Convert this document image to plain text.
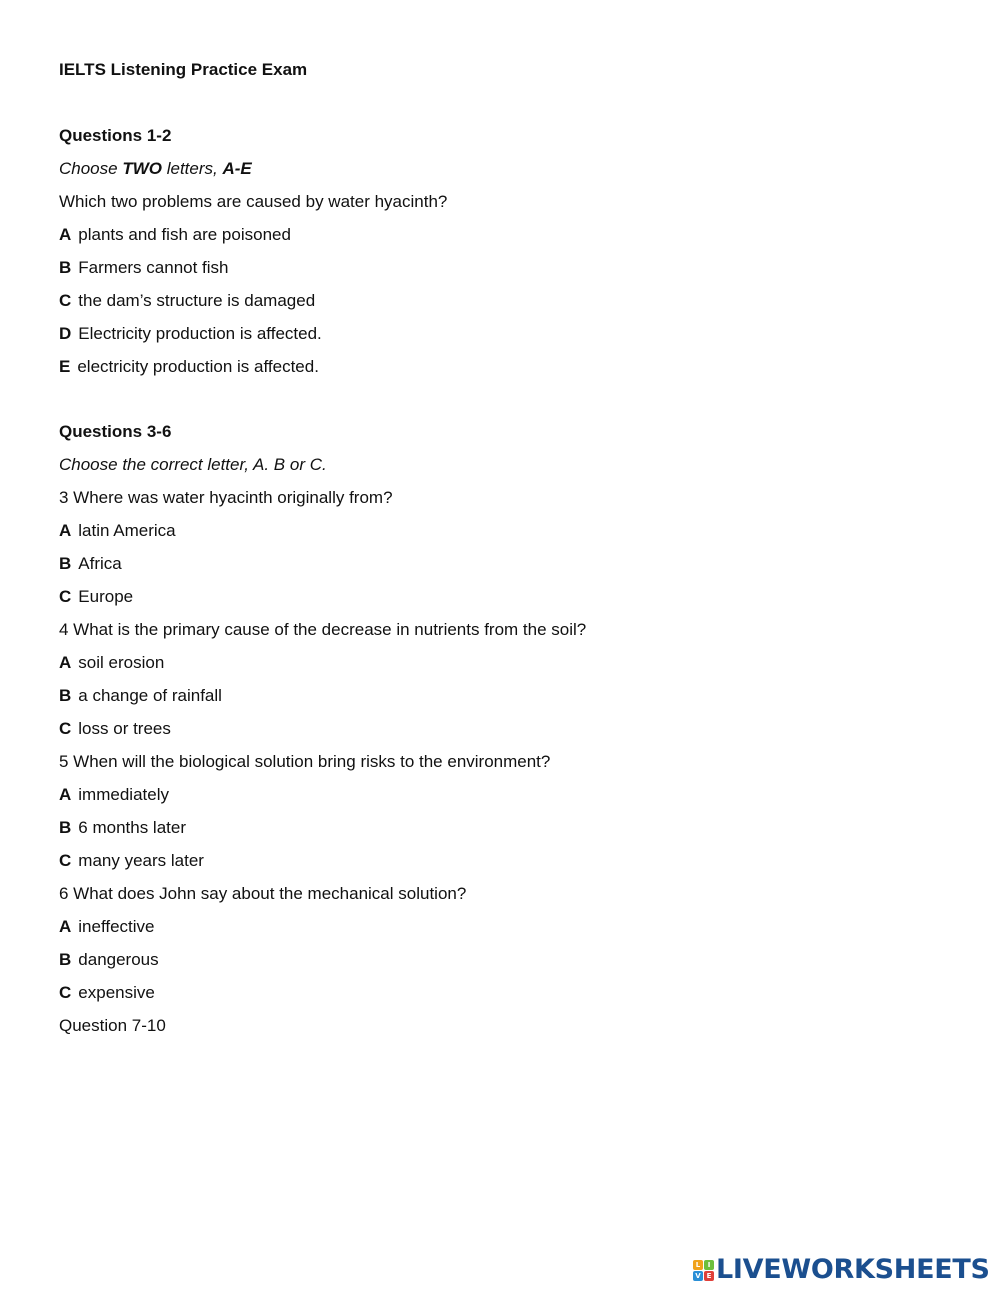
IELTS Listening Practice Exam
Questions 1-2
Choose TWO letters, A-E
Which two problems are caused by water hyacinth?
A plants and fish are poisoned
B Farmers cannot fish
C the dam’s structure is damaged
D Electricity production is affected.
E electricity production is affected.
Questions 3-6
Choose the correct letter, A. B or C.
3 Where was water hyacinth originally from?
A latin America
B Africa
C Europe
4 What is the primary cause of the decrease in nutrients from the soil?
A soil erosion
B a change of rainfall
C loss or trees
5 When will the biological solution bring risks to the environment?
A immediately
B 6 months later
C many years later
6 What does John say about the mechanical solution?
A ineffective
B dangerous
C expensive
Question 7-10
L	I
V E LIVEWORKSHEETS
